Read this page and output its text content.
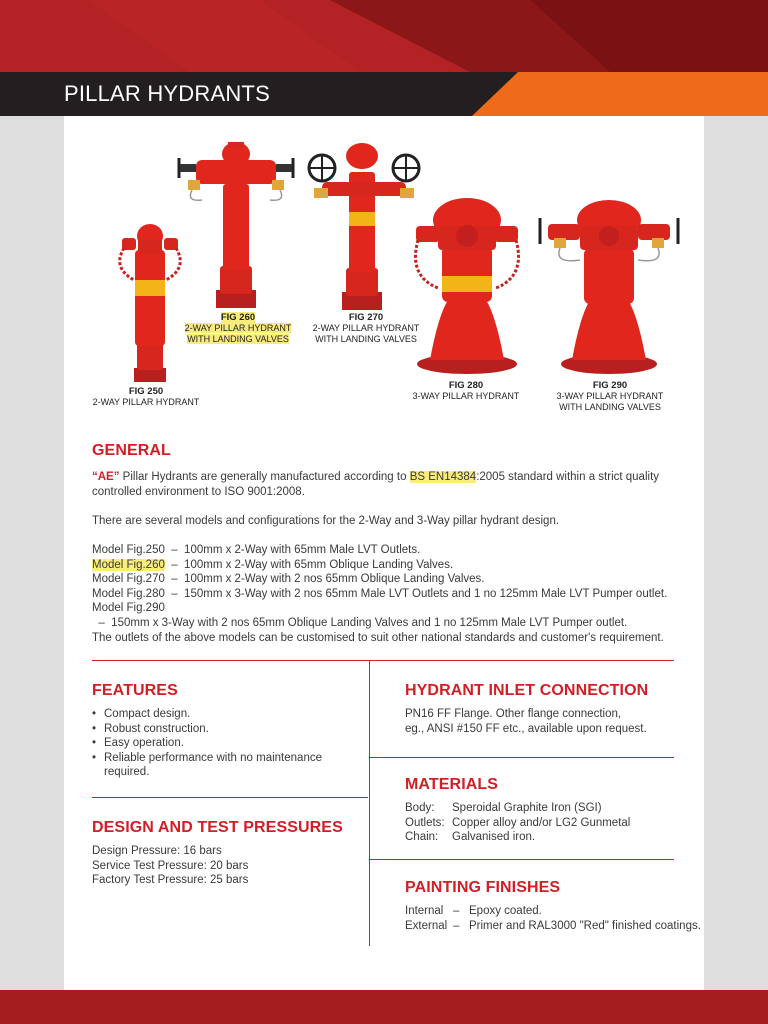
PILLAR HYDRANTS
FIG 250
2-WAY PILLAR HYDRANT
FIG 260
2-WAY PILLAR HYDRANT
WITH LANDING VALVES
FIG 270
2-WAY PILLAR HYDRANT
WITH LANDING VALVES
FIG 280
3-WAY PILLAR HYDRANT
FIG 290
3-WAY PILLAR HYDRANT
WITH LANDING VALVES
GENERAL
“AE” Pillar Hydrants are generally manufactured according to BS EN14384:2005 standard within a strict quality controlled environment to ISO 9001:2008.
There are several models and configurations for the 2-Way and 3-Way pillar hydrant design.
Model Fig.250  –  100mm x 2-Way with 65mm Male LVT Outlets.
Model Fig.260  –  100mm x 2-Way with 65mm Oblique Landing Valves.
Model Fig.270  –  100mm x 2-Way with 2 nos 65mm Oblique Landing Valves.
Model Fig.280  –  150mm x 3-Way with 2 nos 65mm Male LVT Outlets and 1 no 125mm Male LVT Pumper outlet.
Model Fig.290  –  150mm x 3-Way with 2 nos 65mm Oblique Landing Valves and 1 no 125mm Male LVT Pumper outlet.
The outlets of the above models can be customised to suit other national standards and customer's requirement.
FEATURES
• Compact design.
• Robust construction.
• Easy operation.
• Reliable performance with no maintenance required.
DESIGN AND TEST PRESSURES
Design Pressure: 16 bars
Service Test Pressure: 20 bars
Factory Test Pressure: 25 bars
HYDRANT INLET CONNECTION
PN16 FF Flange. Other flange connection,
eg., ANSI #150 FF etc., available upon request.
MATERIALS
Body:	Speroidal Graphite Iron (SGI)
Outlets: Copper alloy and/or LG2 Gunmetal
Chain:	Galvanised iron.
PAINTING FINISHES
Internal – Epoxy coated.
External – Primer and RAL3000 "Red" finished coatings.
